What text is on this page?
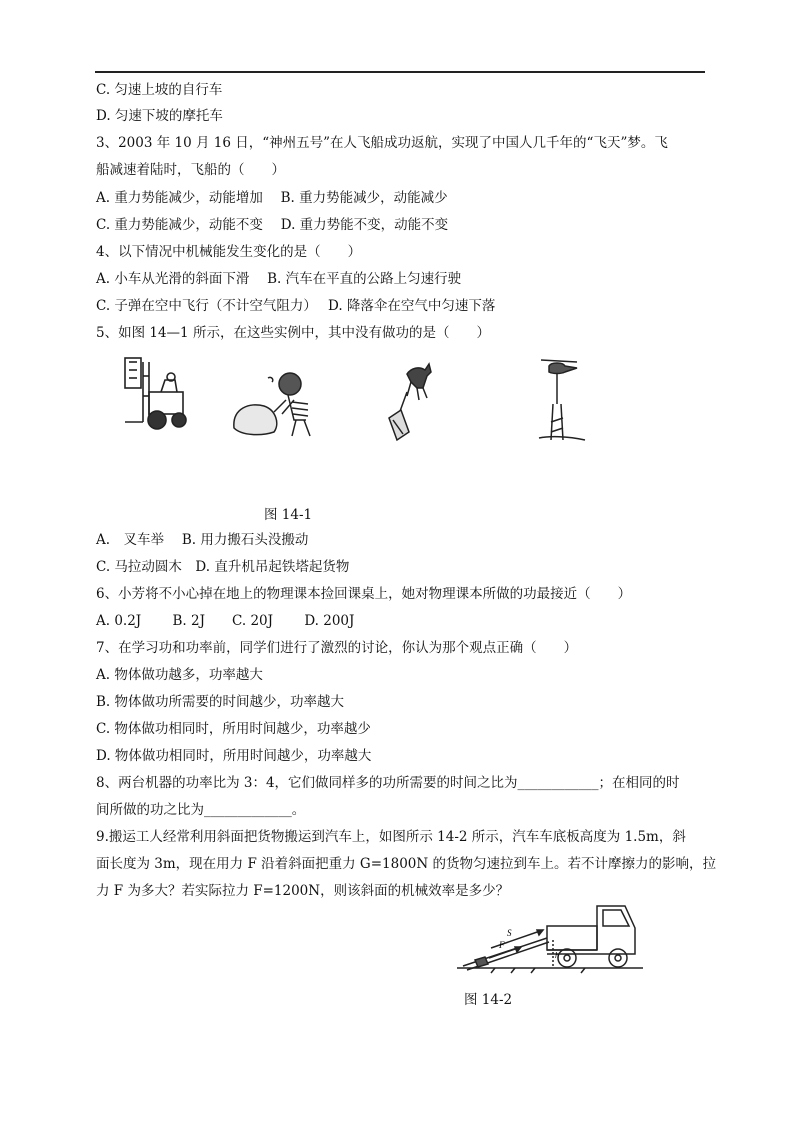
C. 匀速上坡的自行车
D. 匀速下坡的摩托车
3、2003 年 10 月 16 日，“神州五号”在人飞船成功返航，实现了中国人几千年的“飞天”梦。飞
船减速着陆时，飞船的（　　）
A. 重力势能减少，动能增加　 B. 重力势能减少，动能减少
C. 重力势能减少，动能不变　 D. 重力势能不变，动能不变
4、以下情况中机械能发生变化的是（　　）
A. 小车从光滑的斜面下滑　 B. 汽车在平直的公路上匀速行驶
C. 子弹在空中飞行（不计空气阻力）　 D. 降落伞在空气中匀速下落
5、如图 14—1 所示，在这些实例中，其中没有做功的是（　　）
图 14-1
A.　叉车举　 B. 用力搬石头没搬动
C. 马拉动圆木　D. 直升机吊起铁塔起货物
6、小芳将不小心掉在地上的物理课本捡回课桌上，她对物理课本所做的功最接近（　　）
A. 0.2J　　 B. 2J　　C. 20J　　 D. 200J
7、在学习功和功率前，同学们进行了激烈的讨论，你认为那个观点正确（　　）
A. 物体做功越多，功率越大
B. 物体做功所需要的时间越少，功率越大
C. 物体做功相同时，所用时间越少，功率越少
D. 物体做功相同时，所用时间越少，功率越大
8、两台机器的功率比为 3：4，它们做同样多的功所需要的时间之比为____________；在相同的时
间所做的功之比为_____________。
9.搬运工人经常利用斜面把货物搬运到汽车上，如图所示 14-2 所示，汽车车底板高度为 1.5m，斜
面长度为 3m，现在用力 F 沿着斜面把重力 G=1800N 的货物匀速拉到车上。若不计摩擦力的影响，拉
力 F 为多大？若实际拉力 F=1200N，则该斜面的机械效率是多少？
S
F
h
图 14-2
